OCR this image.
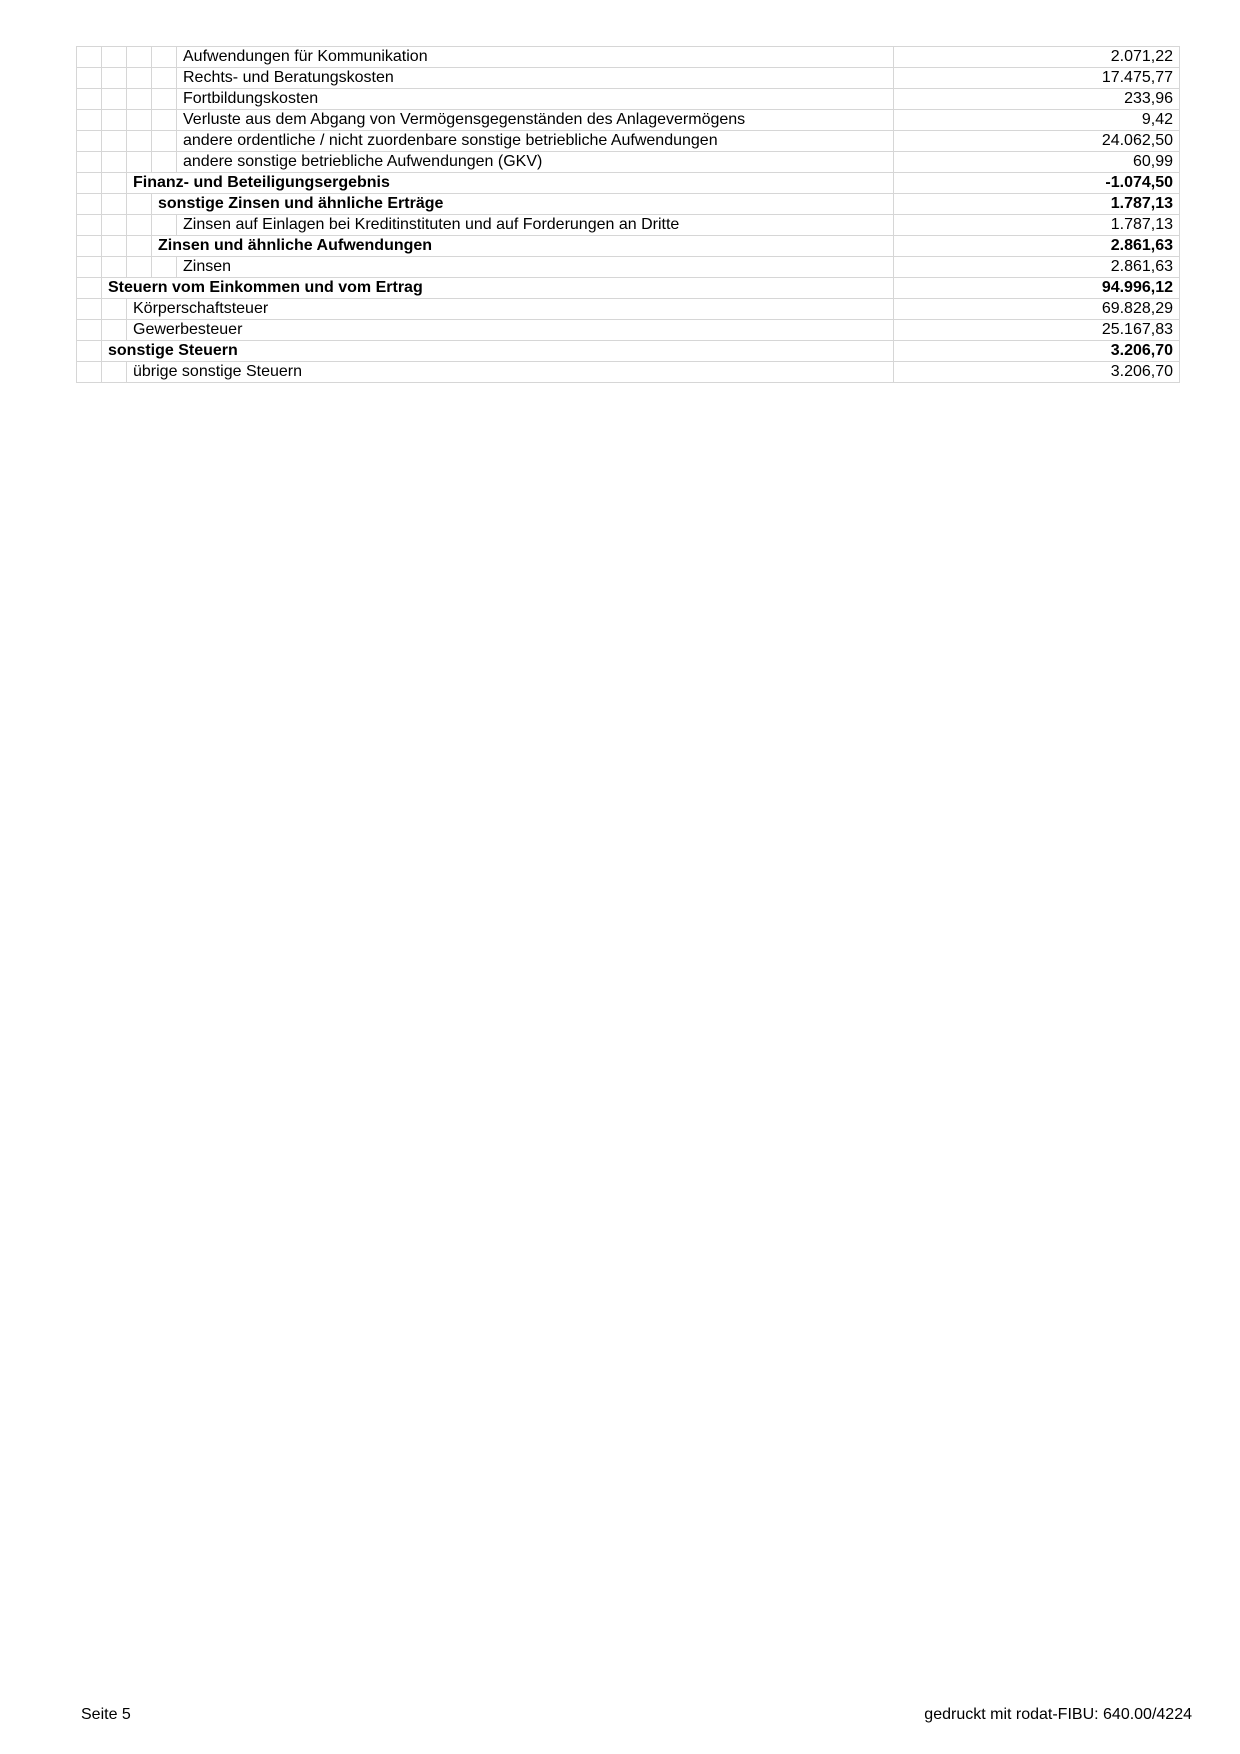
				Aufwendungen für Kommunikation	2.071,22
				Rechts- und Beratungskosten	17.475,77
				Fortbildungskosten	233,96
				Verluste aus dem Abgang von Vermögensgegenständen des Anlagevermögens	9,42
				andere ordentliche / nicht zuordenbare sonstige betriebliche Aufwendungen	24.062,50
				andere sonstige betriebliche Aufwendungen (GKV)	60,99
		Finanz- und Beteiligungsergebnis			-1.074,50
			sonstige Zinsen und ähnliche Erträge		1.787,13
				Zinsen auf Einlagen bei Kreditinstituten und auf Forderungen an Dritte	1.787,13
			Zinsen und ähnliche Aufwendungen		2.861,63
				Zinsen	2.861,63
	Steuern vom Einkommen und vom Ertrag				94.996,12
		Körperschaftsteuer			69.828,29
		Gewerbesteuer			25.167,83
	sonstige Steuern				3.206,70
		übrige sonstige Steuern			3.206,70
Seite 5	gedruckt mit rodat-FIBU: 640.00/4224
